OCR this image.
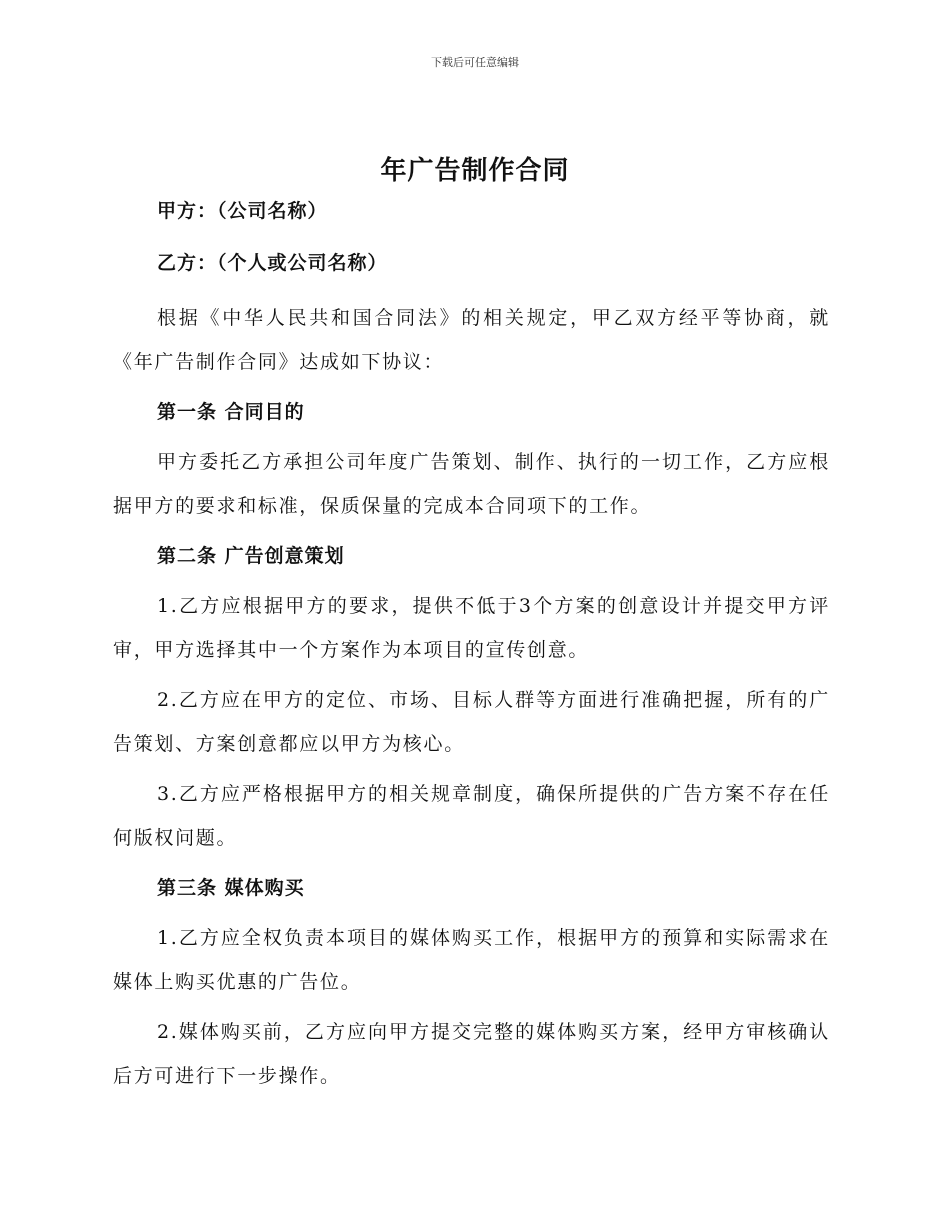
下载后可任意编辑
年广告制作合同
甲方：（公司名称）
乙方：（个人或公司名称）

根据《中华人民共和国合同法》的相关规定，甲乙双方经平等协商，就《年广告制作合同》达成如下协议：

第一条 合同目的

甲方委托乙方承担公司年度广告策划、制作、执行的一切工作，乙方应根据甲方的要求和标准，保质保量的完成本合同项下的工作。

第二条 广告创意策划

1.乙方应根据甲方的要求，提供不低于3个方案的创意设计并提交甲方评审，甲方选择其中一个方案作为本项目的宣传创意。

2.乙方应在甲方的定位、市场、目标人群等方面进行准确把握，所有的广告策划、方案创意都应以甲方为核心。

3.乙方应严格根据甲方的相关规章制度，确保所提供的广告方案不存在任何版权问题。

第三条 媒体购买

1.乙方应全权负责本项目的媒体购买工作，根据甲方的预算和实际需求在媒体上购买优惠的广告位。

2.媒体购买前，乙方应向甲方提交完整的媒体购买方案，经甲方审核确认后方可进行下一步操作。
